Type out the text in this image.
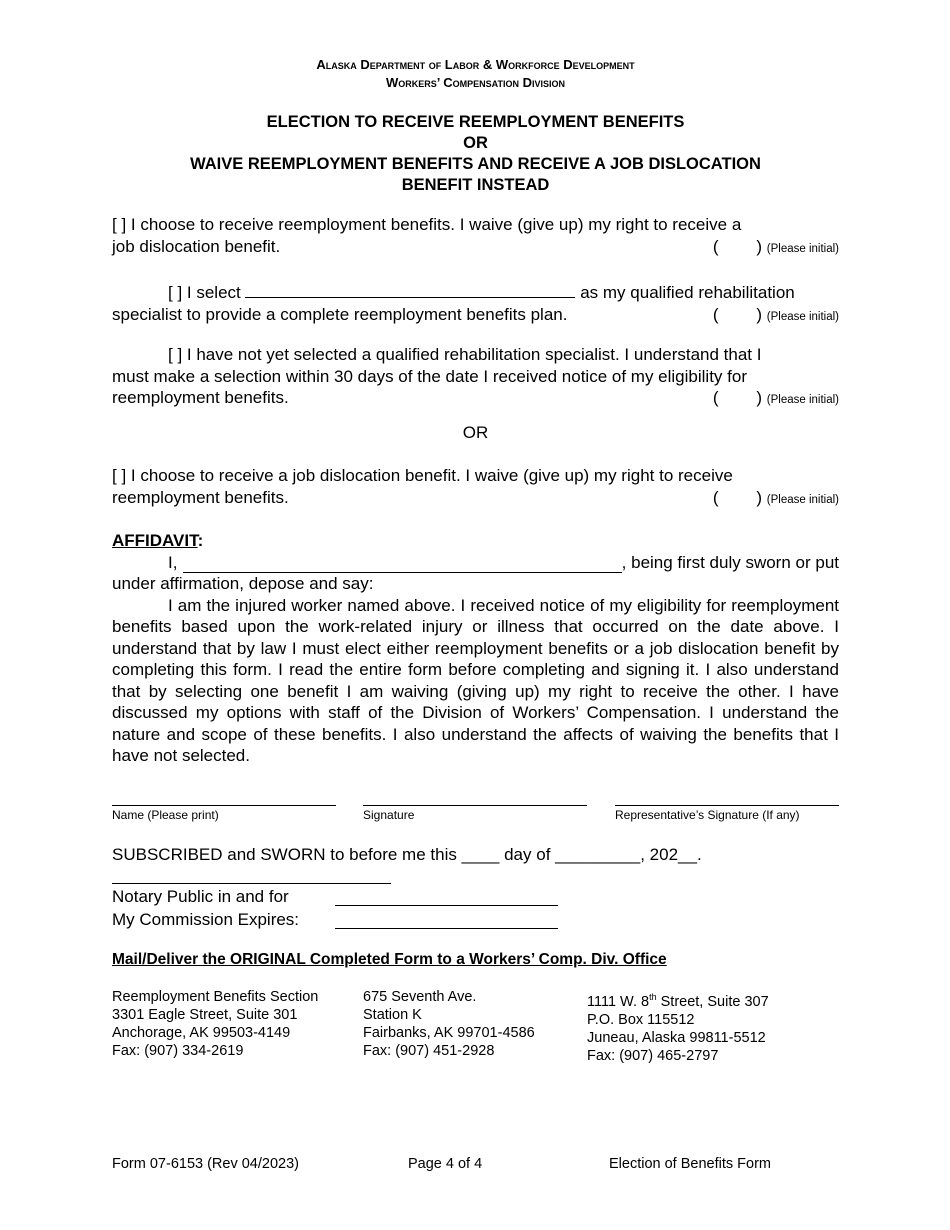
Alaska Department of Labor & Workforce Development
Workers’ Compensation Division
ELECTION TO RECEIVE REEMPLOYMENT BENEFITS
OR
WAIVE REEMPLOYMENT BENEFITS AND RECEIVE A JOB DISLOCATION
BENEFIT INSTEAD
[ ] I choose to receive reemployment benefits. I waive (give up) my right to receive a
job dislocation benefit.	(        ) (Please initial)
[ ] I select	as my qualified rehabilitation
specialist to provide a complete reemployment benefits plan.	(        ) (Please initial)
[ ] I have not yet selected a qualified rehabilitation specialist. I understand that I
must make a selection within 30 days of the date I received notice of my eligibility for
reemployment benefits.	(        ) (Please initial)
OR
[ ] I choose to receive a job dislocation benefit. I waive (give up) my right to receive
reemployment benefits.	(        ) (Please initial)
AFFIDAVIT:
I,	, being first duly sworn or put
under affirmation, depose and say:
I am the injured worker named above. I received notice of my eligibility for reemployment benefits based upon the work-related injury or illness that occurred on the date above. I understand that by law I must elect either reemployment benefits or a job dislocation benefit by completing this form. I read the entire form before completing and signing it. I also understand that by selecting one benefit I am waiving (giving up) my right to receive the other. I have discussed my options with staff of the Division of Workers’ Compensation. I understand the nature and scope of these benefits. I also understand the affects of waiving the benefits that I have not selected.
Name (Please print)	Signature	Representative’s Signature (If any)
SUBSCRIBED and SWORN to before me this ____ day of _________, 202__.
Notary Public in and for
My Commission Expires:
Mail/Deliver the ORIGINAL Completed Form to a Workers’ Comp. Div. Office
Reemployment Benefits Section
3301 Eagle Street, Suite 301
Anchorage, AK 99503-4149
Fax: (907) 334-2619
675 Seventh Ave.
Station K
Fairbanks, AK 99701-4586
Fax: (907) 451-2928
1111 W. 8th Street, Suite 307
P.O. Box 115512
Juneau, Alaska 99811-5512
Fax: (907) 465-2797
Form 07-6153 (Rev 04/2023)	Page 4 of 4	Election of Benefits Form
